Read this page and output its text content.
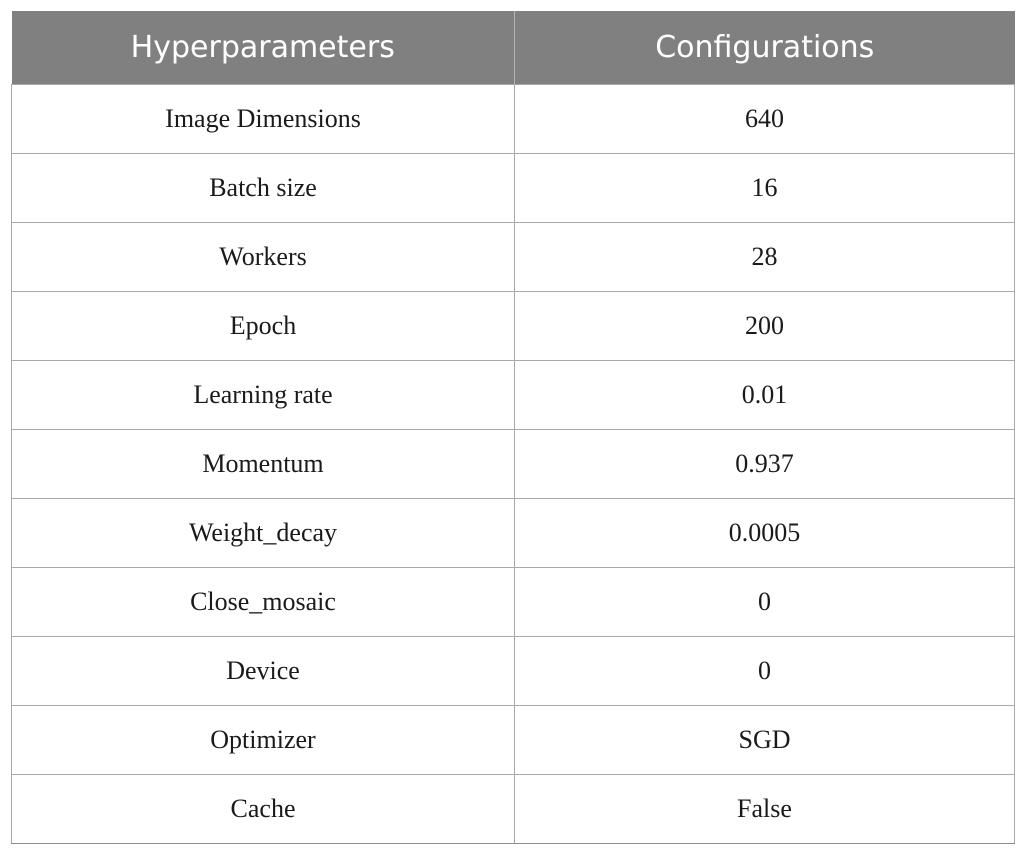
Hyperparameters	Configurations
Image Dimensions	640
Batch size	16
Workers	28
Epoch	200
Learning rate	0.01
Momentum	0.937
Weight_decay	0.0005
Close_mosaic	0
Device	0
Optimizer	SGD
Cache	False
